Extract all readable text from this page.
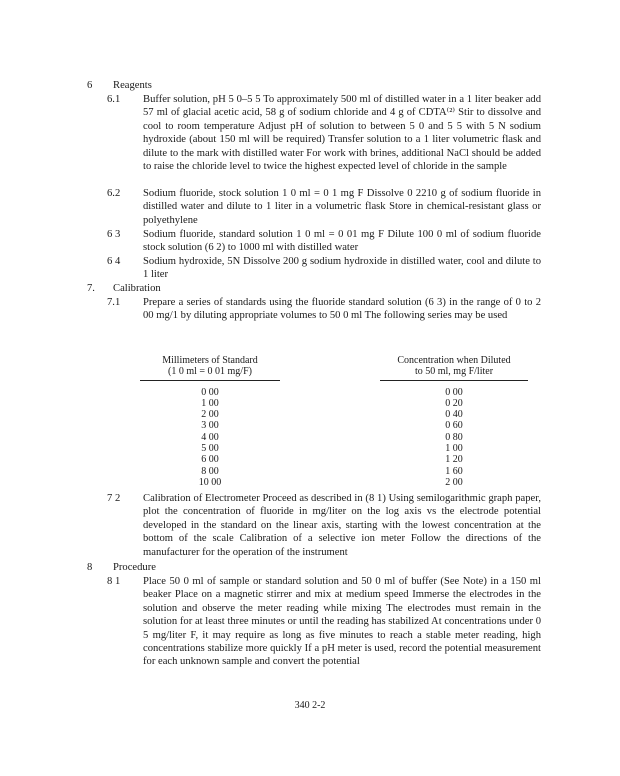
6 Reagents
6.1 Buffer solution, pH 5 0–5 5 To approximately 500 ml of distilled water in a 1 liter beaker add 57 ml of glacial acetic acid, 58 g of sodium chloride and 4 g of CDTA⁽²⁾ Stir to dissolve and cool to room temperature Adjust pH of solution to between 5 0 and 5 5 with 5 N sodium hydroxide (about 150 ml will be required) Transfer solution to a 1 liter volumetric flask and dilute to the mark with distilled water For work with brines, additional NaCl should be added to raise the chloride level to twice the highest expected level of chloride in the sample
6.2 Sodium fluoride, stock solution 1 0 ml = 0 1 mg F Dissolve 0 2210 g of sodium fluoride in distilled water and dilute to 1 liter in a volumetric flask Store in chemical-resistant glass or polyethylene
6 3 Sodium fluoride, standard solution 1 0 ml = 0 01 mg F Dilute 100 0 ml of sodium fluoride stock solution (6 2) to 1000 ml with distilled water
6 4 Sodium hydroxide, 5N Dissolve 200 g sodium hydroxide in distilled water, cool and dilute to 1 liter
7. Calibration
7.1 Prepare a series of standards using the fluoride standard solution (6 3) in the range of 0 to 2 00 mg/1 by diluting appropriate volumes to 50 0 ml The following series may be used
Millimeters of Standard
(1 0 ml = 0 01 mg/F)
0 00
1 00
2 00
3 00
4 00
5 00
6 00
8 00
10 00
Concentration when Diluted
to 50 ml, mg F/liter
0 00
0 20
0 40
0 60
0 80
1 00
1 20
1 60
2 00
7 2 Calibration of Electrometer Proceed as described in (8 1) Using semilogarithmic graph paper, plot the concentration of fluoride in mg/liter on the log axis vs the electrode potential developed in the standard on the linear axis, starting with the lowest concentration at the bottom of the scale Calibration of a selective ion meter Follow the directions of the manufacturer for the operation of the instrument
8 Procedure
8 1 Place 50 0 ml of sample or standard solution and 50 0 ml of buffer (See Note) in a 150 ml beaker Place on a magnetic stirrer and mix at medium speed Immerse the electrodes in the solution and observe the meter reading while mixing The electrodes must remain in the solution for at least three minutes or until the reading has stabilized At concentrations under 0 5 mg/liter F, it may require as long as five minutes to reach a stable meter reading, high concentrations stabilize more quickly If a pH meter is used, record the potential measurement for each unknown sample and convert the potential
340 2-2
